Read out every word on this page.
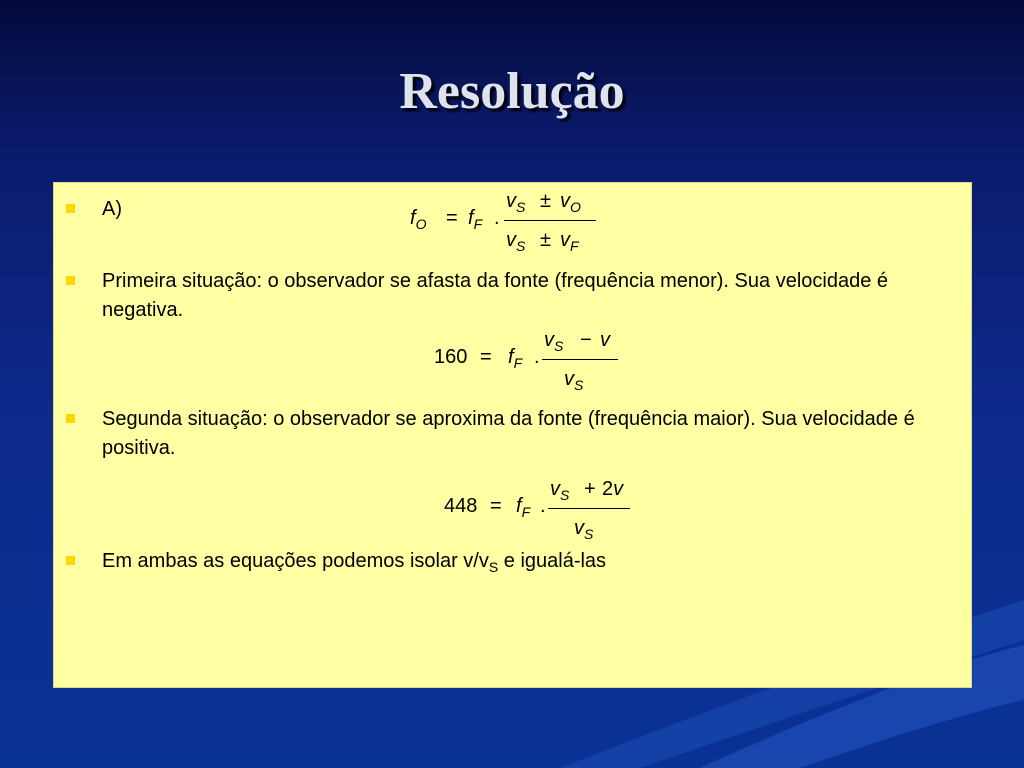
Resolução
A)	$f_O = f_F$ .
$v_S \pm v_O$
$v_S \pm v_F$
Primeira situação: o observador se afasta da fonte (frequência menor). Sua velocidade é negativa.
$160 = f_F$ .
$v_S - v$
$v_S$
Segunda situação: o observador se aproxima da fonte (frequência maior). Sua velocidade é positiva.
$448 = f_F$ .
$v_S + 2v$
$v_S$
Em ambas as equações podemos isolar $v/v_S$ e igualá-las
